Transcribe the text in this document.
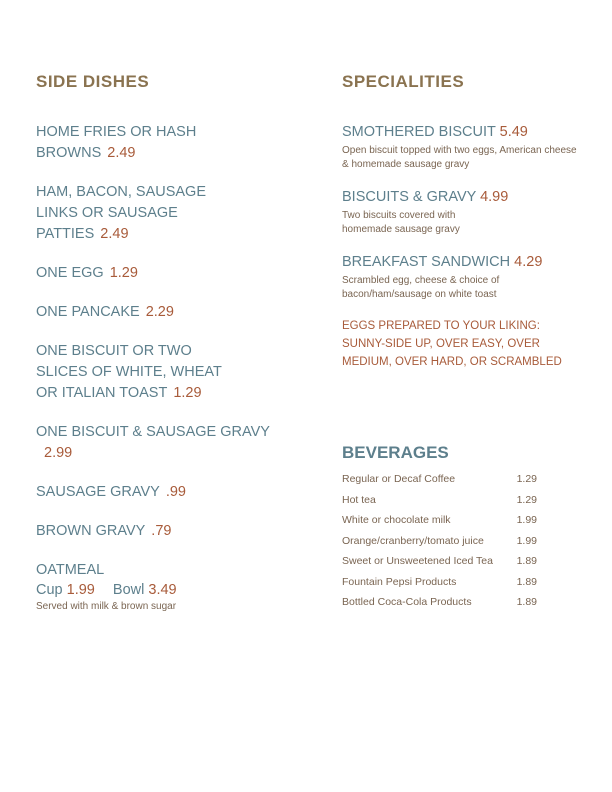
SIDE DISHES
HOME FRIES OR HASH BROWNS 2.49
HAM, BACON, SAUSAGE LINKS OR SAUSAGE PATTIES 2.49
ONE EGG 1.29
ONE PANCAKE 2.29
ONE BISCUIT OR TWO SLICES OF WHITE, WHEAT OR ITALIAN TOAST 1.29
ONE BISCUIT & SAUSAGE GRAVY
2.99
SAUSAGE GRAVY .99
BROWN GRAVY .79
OATMEAL
Cup 1.99 Bowl 3.49
Served with milk & brown sugar
SPECIALITIES
SMOTHERED BISCUIT 5.49
Open biscuit topped with two eggs, American cheese & homemade sausage gravy
BISCUITS & GRAVY 4.99
Two biscuits covered with homemade sausage gravy
BREAKFAST SANDWICH 4.29
Scrambled egg, cheese & choice of bacon/ham/sausage on white toast
EGGS PREPARED TO YOUR LIKING: SUNNY-SIDE UP, OVER EASY, OVER MEDIUM, OVER HARD, OR SCRAMBLED
BEVERAGES
Regular or Decaf Coffee	1.29
Hot tea	1.29
White or chocolate milk	1.99
Orange/cranberry/tomato juice	1.99
Sweet or Unsweetened Iced Tea 1.89
Fountain Pepsi Products	1.89
Bottled Coca-Cola Products	1.89
